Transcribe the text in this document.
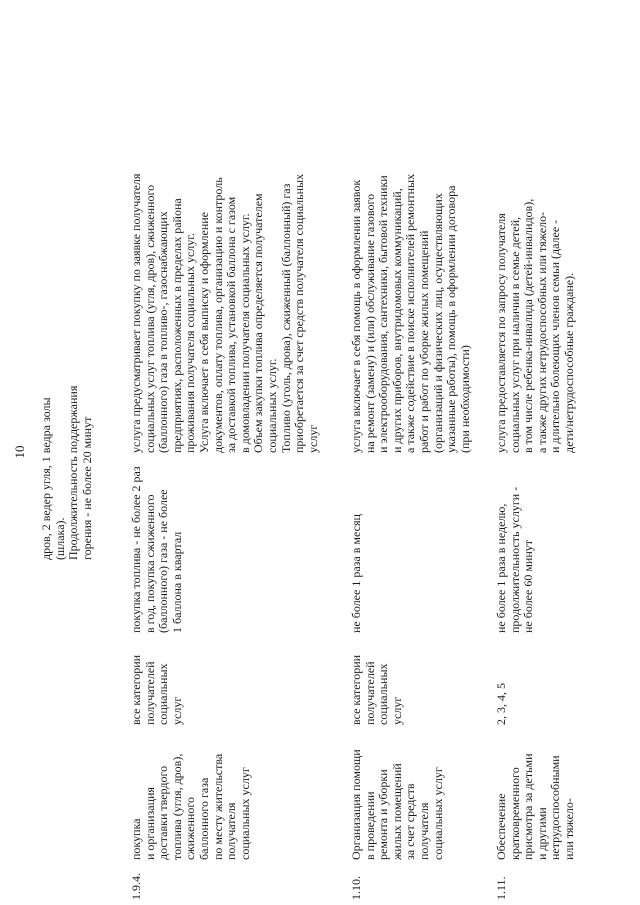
10 дров, 2 ведер угля, 1 ведра золы (шлака). Продолжительность поддержания горения - не более 20 минут
1.9.4.
покупка и организация доставки твердого топлива (угля, дров), сжиженного баллонного газа по месту жительства получателя социальных услуг
все категории получателей социальных услуг
покупка топлива - не более 2 раз в год, покупка сжиженного (баллонного) газа - не более 1 баллона в квартал
услуга предусматривает покупку по заявке получателя социальных услуг топлива (угля, дров), сжиженного (баллонного) газа в топливо-, газоснабжающих предприятиях, расположенных в пределах района проживания получателя социальных услуг. Услуга включает в себя выписку и оформление документов, оплату топлива, организацию и контроль за доставкой топлива, установкой баллона с газом в домовладении получателя социальных услуг. Объем закупки топлива определяется получателем социальных услуг. Топливо (уголь, дрова), сжиженный (баллонный) газ приобретается за счет средств получателя социальных услуг
1.10.
Организация помощи в проведении ремонта и уборки жилых помещений за счет средств получателя социальных услуг
все категории получателей социальных услуг
не более 1 раза в месяц
услуга включает в себя помощь в оформлении заявок на ремонт (замену) и (или) обслуживание газового и электрооборудования, сантехники, бытовой техники и других приборов, внутридомовых коммуникаций, а также содействие в поиске исполнителей ремонтных работ и работ по уборке жилых помещений (организаций и физических лиц, осуществляющих указанные работы), помощь в оформлении договора (при необходимости)
1.11.
Обеспечение кратковременного присмотра за детьми и другими нетрудоспособными или тяжело-
2, 3, 4, 5
не более 1 раза в неделю, продолжительность услуги - не более 60 минут
услуга предоставляется по запросу получателя социальных услуг при наличии в семье детей, в том числе ребенка-инвалида (детей-инвалидов), а также других нетрудоспособных или тяжело- и длительно болеющих членов семьи (далее - дети/нетрудоспособные граждане).
